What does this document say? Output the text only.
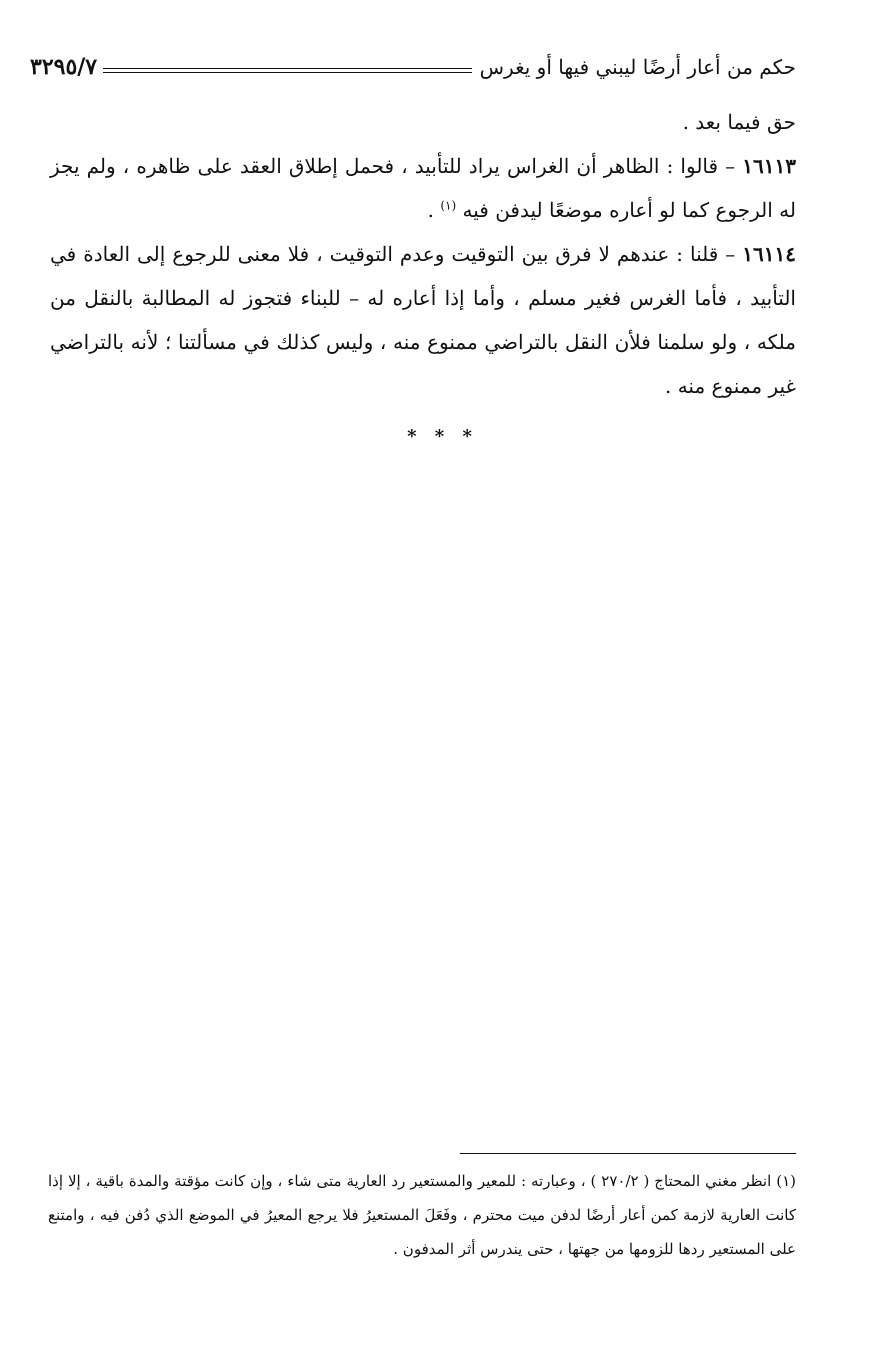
حكم من أعار أرضًا ليبني فيها أو يغرس
٣٢٩٥/٧

حق فيما بعد .

١٦١١٣ – قالوا : الظاهر أن الغراس يراد للتأبيد ، فحمل إطلاق العقد على ظاهره ، ولم يجز له الرجوع كما لو أعاره موضعًا ليدفن فيه $^{(١)}$ .

١٦١١٤ – قلنا : عندهم لا فرق بين التوقيت وعدم التوقيت ، فلا معنى للرجوع إلى العادة في التأبيد ، فأما الغرس فغير مسلم ، وأما إذا أعاره له – للبناء فتجوز له المطالبة بالنقل من ملكه ، ولو سلمنا فلأن النقل بالتراضي ممنوع منه ، وليس كذلك في مسألتنا ؛ لأنه بالتراضي غير ممنوع منه .

* * *
(١) انظر مغني المحتاج ( ٢٧٠/٢ ) ، وعبارته : للمعير والمستعير رد العارية متى شاء ، وإن كانت مؤقتة والمدة باقية ، إلا إذا كانت العارية لازمة كمن أعار أرضًا لدفن ميت محترم ، وفَعَلَ المستعيرُ فلا يرجع المعيرُ في الموضع الذي دُفن فيه ، وامتنع على المستعير ردها للزومها من جهتها ، حتى يندرس أثر المدفون .
